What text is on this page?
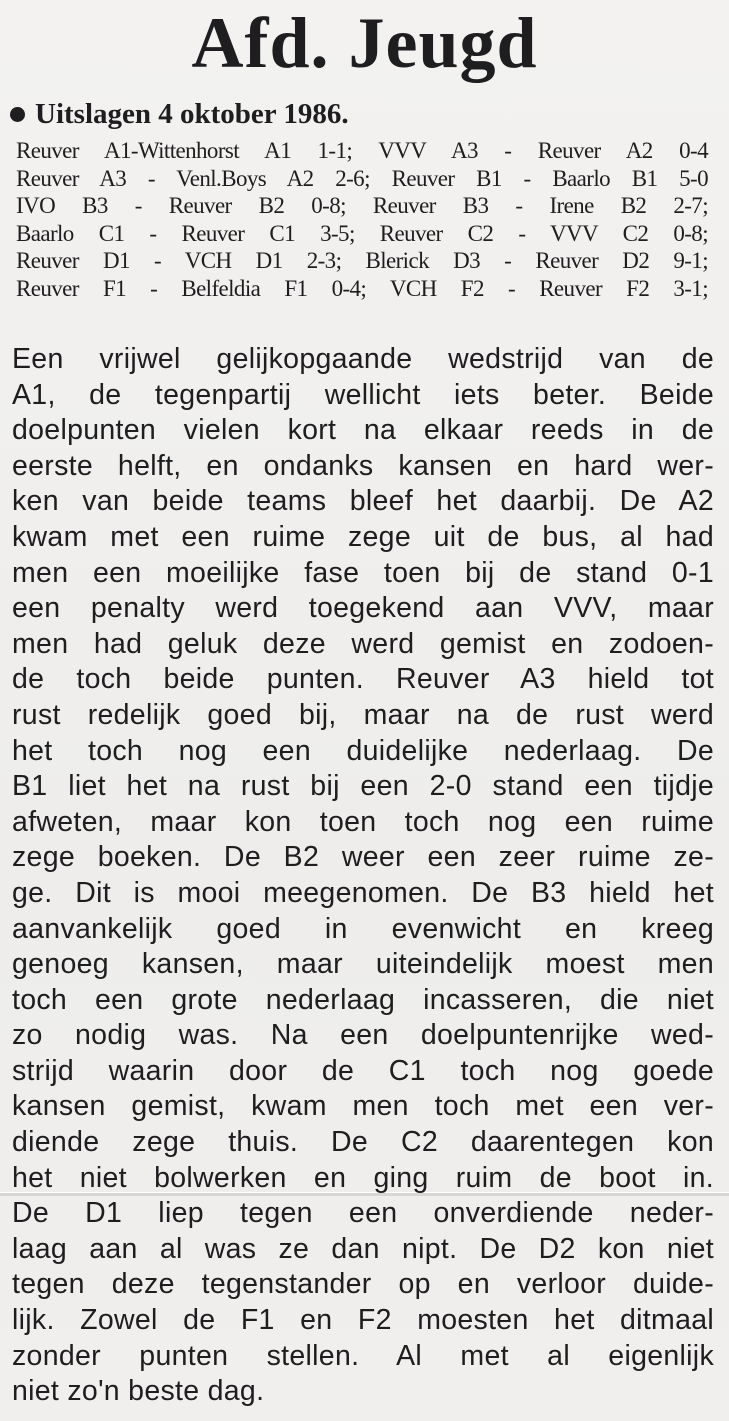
Afd. Jeugd
Uitslagen 4 oktober 1986.
Reuver A1-Wittenhorst A1 1-1; VVV A3 - Reuver A2 0-4
Reuver A3 - Venl.Boys A2 2-6; Reuver B1 - Baarlo B1 5-0
IVO B3 - Reuver B2 0-8; Reuver B3 - Irene B2 2-7;
Baarlo C1 - Reuver C1 3-5; Reuver C2 - VVV C2 0-8;
Reuver D1 - VCH D1 2-3; Blerick D3 - Reuver D2 9-1;
Reuver F1 - Belfeldia F1 0-4; VCH F2 - Reuver F2 3-1;
Een vrijwel gelijkopgaande wedstrijd van de
A1, de tegenpartij wellicht iets beter. Beide
doelpunten vielen kort na elkaar reeds in de
eerste helft, en ondanks kansen en hard wer-
ken van beide teams bleef het daarbij. De A2
kwam met een ruime zege uit de bus, al had
men een moeilijke fase toen bij de stand 0-1
een penalty werd toegekend aan VVV, maar
men had geluk deze werd gemist en zodoen-
de toch beide punten. Reuver A3 hield tot
rust redelijk goed bij, maar na de rust werd
het toch nog een duidelijke nederlaag. De
B1 liet het na rust bij een 2-0 stand een tijdje
afweten, maar kon toen toch nog een ruime
zege boeken. De B2 weer een zeer ruime ze-
ge. Dit is mooi meegenomen. De B3 hield het
aanvankelijk goed in evenwicht en kreeg
genoeg kansen, maar uiteindelijk moest men
toch een grote nederlaag incasseren, die niet
zo nodig was. Na een doelpuntenrijke wed-
strijd waarin door de C1 toch nog goede
kansen gemist, kwam men toch met een ver-
diende zege thuis. De C2 daarentegen kon
het niet bolwerken en ging ruim de boot in.
De D1 liep tegen een onverdiende neder-
laag aan al was ze dan nipt. De D2 kon niet
tegen deze tegenstander op en verloor duide-
lijk. Zowel de F1 en F2 moesten het ditmaal
zonder punten stellen. Al met al eigenlijk
niet zo'n beste dag.
